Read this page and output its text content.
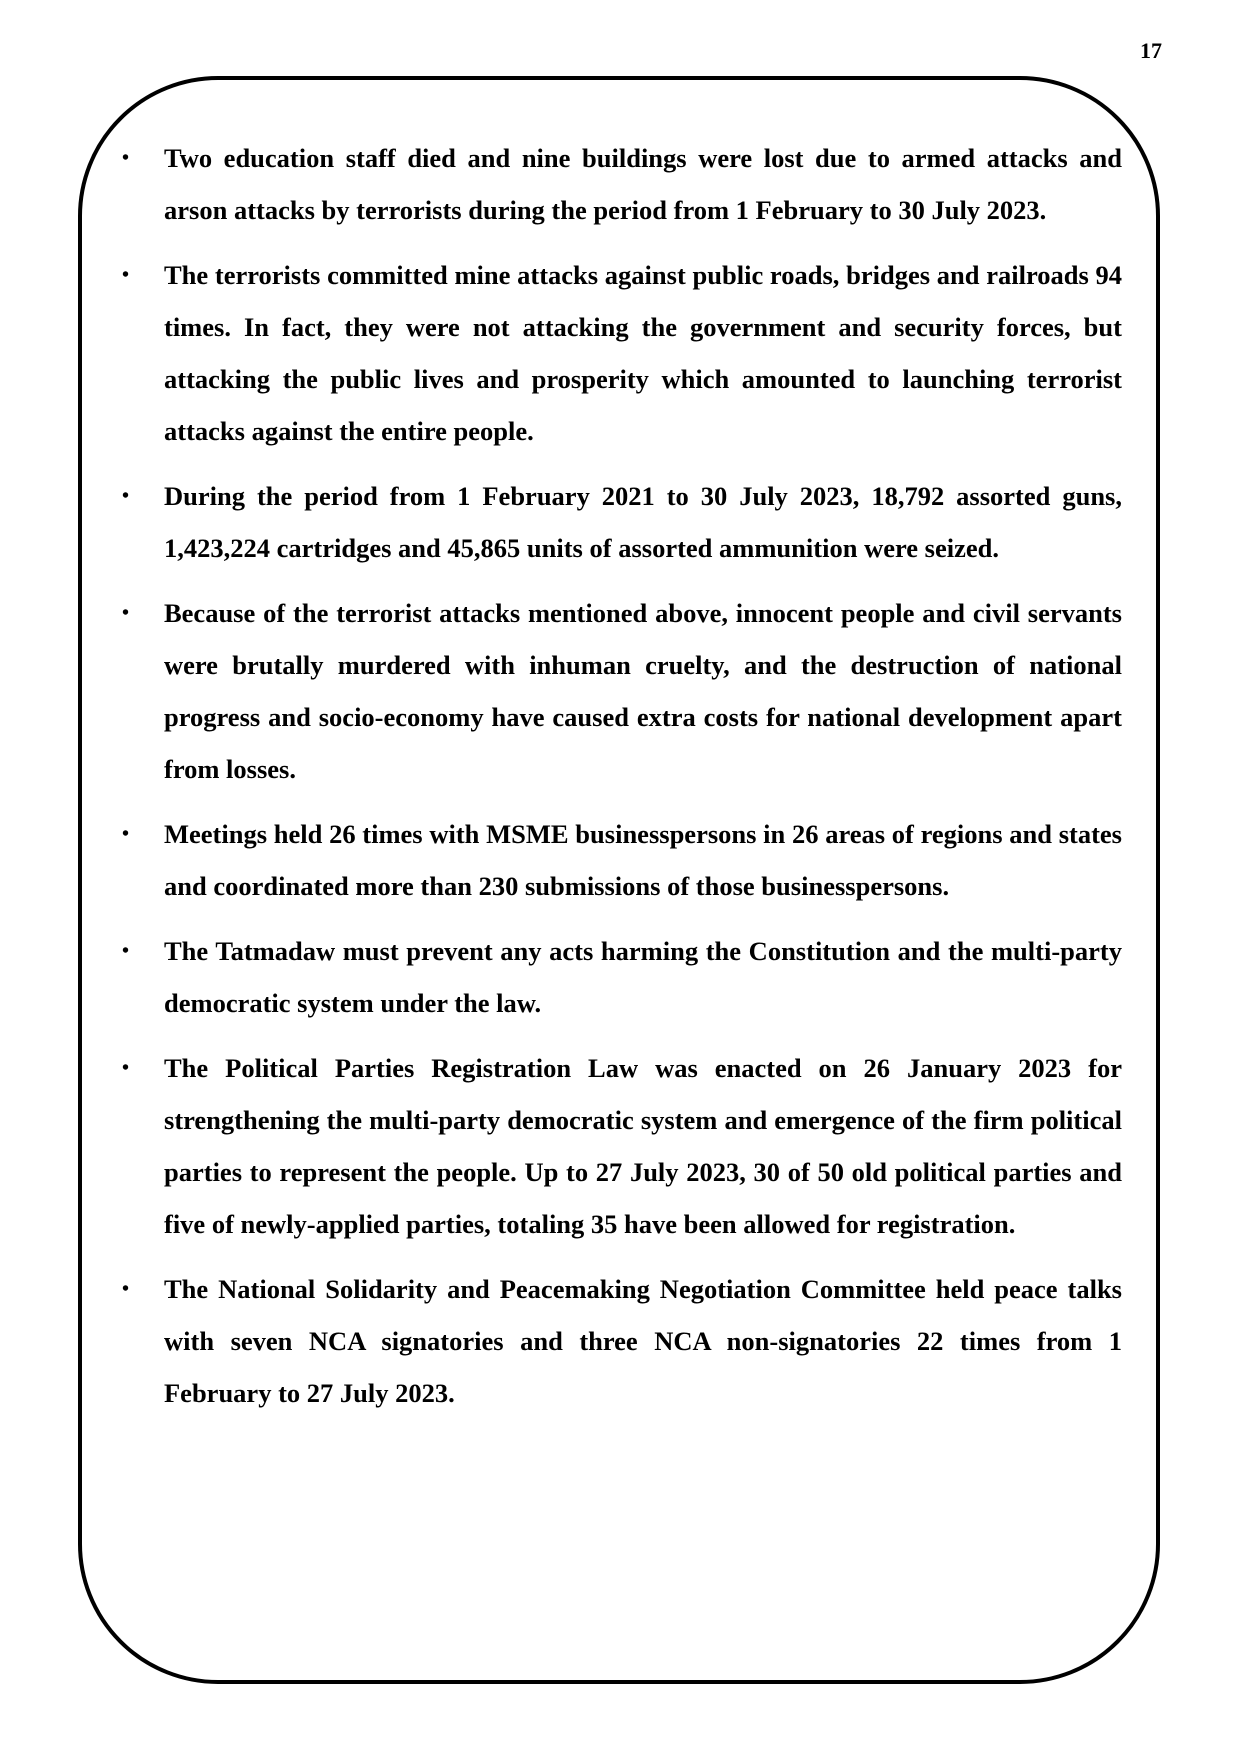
17
• Two education staff died and nine buildings were lost due to armed attacks and arson attacks by terrorists during the period from 1 February to 30 July 2023.
• The terrorists committed mine attacks against public roads, bridges and railroads 94 times. In fact, they were not attacking the government and security forces, but attacking the public lives and prosperity which amounted to launching terrorist attacks against the entire people.
• During the period from 1 February 2021 to 30 July 2023, 18,792 assorted guns, 1,423,224 cartridges and 45,865 units of assorted ammunition were seized.
• Because of the terrorist attacks mentioned above, innocent people and civil servants were brutally murdered with inhuman cruelty, and the destruction of national progress and socio-economy have caused extra costs for national development apart from losses.
• Meetings held 26 times with MSME businesspersons in 26 areas of regions and states and coordinated more than 230 submissions of those businesspersons.
• The Tatmadaw must prevent any acts harming the Constitution and the multi-party democratic system under the law.
• The Political Parties Registration Law was enacted on 26 January 2023 for strengthening the multi-party democratic system and emergence of the firm political parties to represent the people. Up to 27 July 2023, 30 of 50 old political parties and five of newly-applied parties, totaling 35 have been allowed for registration.
• The National Solidarity and Peacemaking Negotiation Committee held peace talks with seven NCA signatories and three NCA non-signatories 22 times from 1 February to 27 July 2023.
